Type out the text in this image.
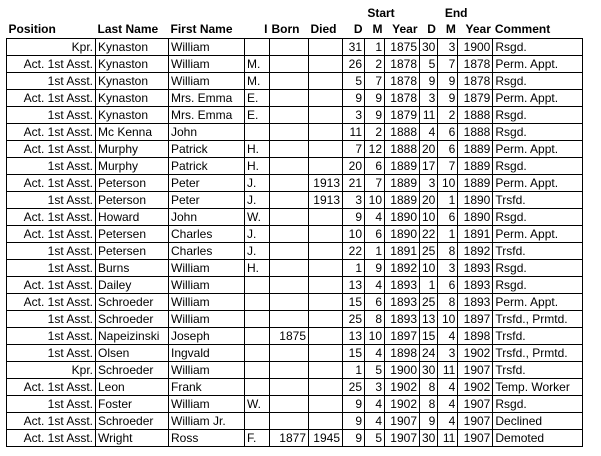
						Start			End			
Position	Last Name	First Name	I	Born	Died	D	M	Year	D	M	Year	Comment
Kpr.	Kynaston	William				31	1	1875	30	3	1900	Rsgd.
Act. 1st Asst.	Kynaston	William	M.			26	2	1878	5	7	1878	Perm. Appt.
1st Asst.	Kynaston	William	M.			5	7	1878	9	9	1878	Rsgd.
Act. 1st Asst.	Kynaston	Mrs. Emma	E.			9	9	1878	3	9	1879	Perm. Appt.
1st Asst.	Kynaston	Mrs. Emma	E.			3	9	1879	11	2	1888	Rsgd.
Act. 1st Asst.	Mc Kenna	John				11	2	1888	4	6	1888	Rsgd.
Act. 1st Asst.	Murphy	Patrick	H.			7	12	1888	20	6	1889	Perm. Appt.
1st Asst.	Murphy	Patrick	H.			20	6	1889	17	7	1889	Rsgd.
Act. 1st Asst.	Peterson	Peter	J.		1913	21	7	1889	3	10	1889	Perm. Appt.
1st Asst.	Peterson	Peter	J.		1913	3	10	1889	20	1	1890	Trsfd.
Act. 1st Asst.	Howard	John	W.			9	4	1890	10	6	1890	Rsgd.
Act. 1st Asst.	Petersen	Charles	J.			10	6	1890	22	1	1891	Perm. Appt.
1st Asst.	Petersen	Charles	J.			22	1	1891	25	8	1892	Trsfd.
1st Asst.	Burns	William	H.			1	9	1892	10	3	1893	Rsgd.
Act. 1st Asst.	Dailey	William				13	4	1893	1	6	1893	Rsgd.
Act. 1st Asst.	Schroeder	William				15	6	1893	25	8	1893	Perm. Appt.
1st Asst.	Schroeder	William				25	8	1893	13	10	1897	Trsfd., Prmtd.
1st Asst.	Napeizinski	Joseph		1875		13	10	1897	15	4	1898	Trsfd.
1st Asst.	Olsen	Ingvald				15	4	1898	24	3	1902	Trsfd., Prmtd.
Kpr.	Schroeder	William				1	5	1900	30	11	1907	Trsfd.
Act. 1st Asst.	Leon	Frank				25	3	1902	8	4	1902	Temp. Worker
1st Asst.	Foster	William	W.			9	4	1902	8	4	1907	Rsgd.
Act. 1st Asst.	Schroeder	William Jr.				9	4	1907	9	4	1907	Declined
Act. 1st Asst.	Wright	Ross	F.	1877	1945	9	5	1907	30	11	1907	Demoted
